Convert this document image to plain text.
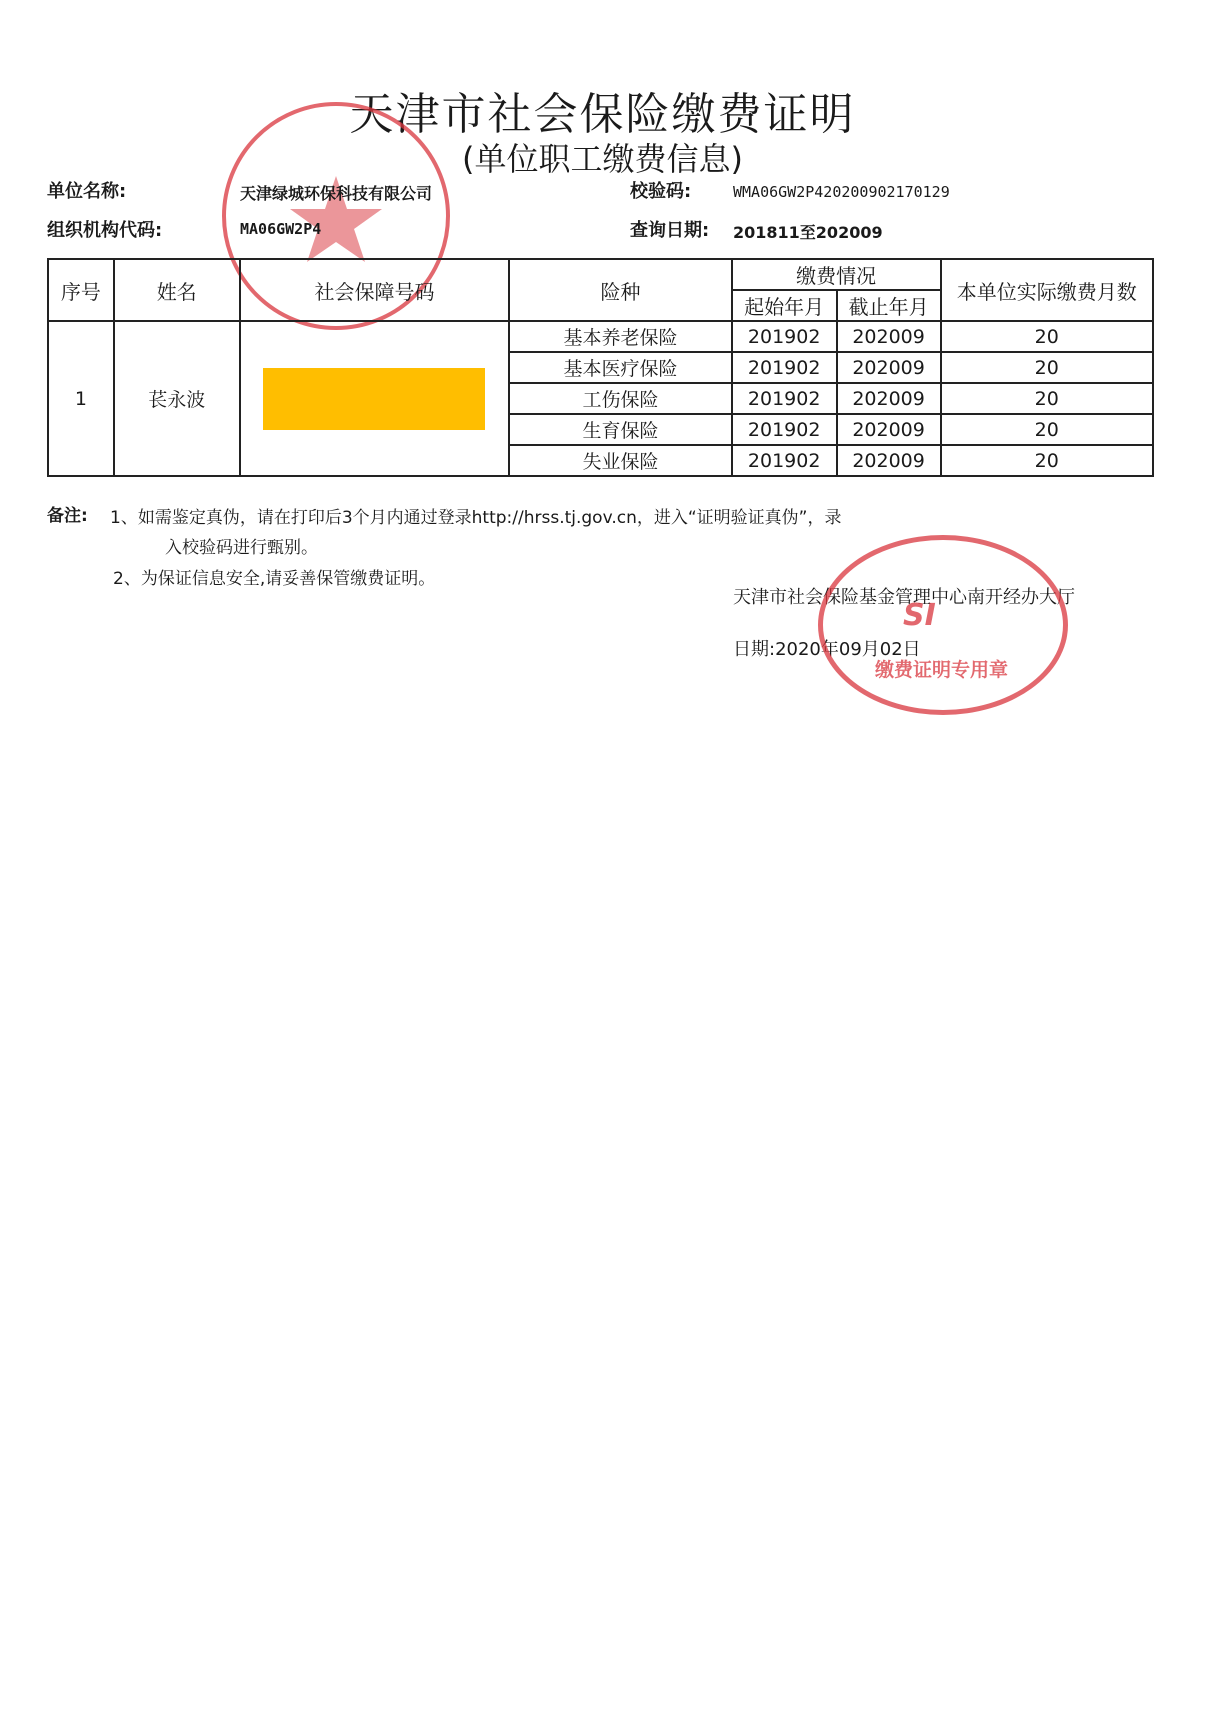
天津市社会保险缴费证明
(单位职工缴费信息)
单位名称:	天津绿城环保科技有限公司
组织机构代码:	MA06GW2P4
校验码:	WMA06GW2P420200902170129
查询日期: 201811至202009
序号	姓名	社会保障号码	险种	缴费情况		本单位实际缴费月数
				起始年月	截止年月	
1	苌永波		基本养老保险	201902	202009	20
			基本医疗保险	201902	202009	20
			工伤保险	201902	202009	20
			生育保险	201902	202009	20
			失业保险	201902	202009	20
备注: 1、如需鉴定真伪，请在打印后3个月内通过登录http://hrss.tj.gov.cn，进入“证明验证真伪”，录
入校验码进行甄别。
2、为保证信息安全,请妥善保管缴费证明。
天津市社会保险基金管理中心南开经办大厅
日期:2020年09月02日
SI
缴费证明专用章
